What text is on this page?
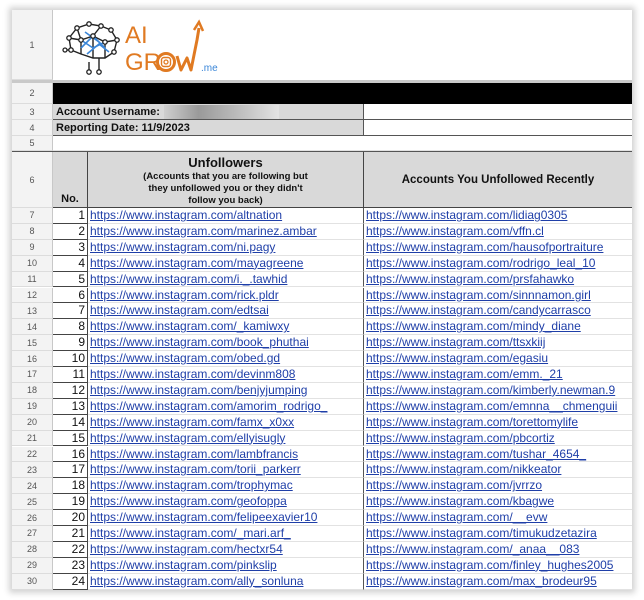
1	AI
GR	.me
2
3	Account Username:
4	Reporting Date: 11/9/2023
5
6
No.
Unfollowers
(Accounts that you are following but they unfollowed you or they didn't follow you back)
Accounts You Unfollowed Recently
7	1 https://www.instagram.com/altnation	https://www.instagram.com/lidiag0305
8	2 https://www.instagram.com/marinez.ambar	https://www.instagram.com/vffn.cl
9	3 https://www.instagram.com/ni.pagy	https://www.instagram.com/hausofportraiture
10	4 https://www.instagram.com/mayagreene	https://www.instagram.com/rodrigo_leal_10
11	5 https://www.instagram.com/i._.tawhid	https://www.instagram.com/prsfahawko
12	6 https://www.instagram.com/rick.pldr	https://www.instagram.com/sinnnamon.girl
13	7 https://www.instagram.com/edtsai	https://www.instagram.com/candycarrasco
14	8 https://www.instagram.com/_kamiwxy	https://www.instagram.com/mindy_diane
15	9 https://www.instagram.com/book_phuthai	https://www.instagram.com/ttsxkiij
16	10 https://www.instagram.com/obed.gd	https://www.instagram.com/egasiu
17	11 https://www.instagram.com/devinm808	https://www.instagram.com/emm._21
18	12 https://www.instagram.com/benjyjumping	https://www.instagram.com/kimberly.newman.9
19	13 https://www.instagram.com/amorim_rodrigo_	https://www.instagram.com/emnna__chmenguii
20	14 https://www.instagram.com/famx_x0xx	https://www.instagram.com/torettomylife
21	15 https://www.instagram.com/ellyisugly	https://www.instagram.com/pbcortiz
22	16 https://www.instagram.com/lambfrancis	https://www.instagram.com/tushar_4654_
23	17 https://www.instagram.com/torii_parkerr	https://www.instagram.com/nikkeator
24	18 https://www.instagram.com/trophymac	https://www.instagram.com/jvrrzo
25	19 https://www.instagram.com/geofoppa	https://www.instagram.com/kbagwe
26	20 https://www.instagram.com/felipeexavier10	https://www.instagram.com/__evw
27	21 https://www.instagram.com/_mari.arf_	https://www.instagram.com/timukudzetazira
28	22 https://www.instagram.com/hectxr54	https://www.instagram.com/_anaa__083
29	23 https://www.instagram.com/pinkslip	https://www.instagram.com/finley_hughes2005
30	24 https://www.instagram.com/ally_sonluna	https://www.instagram.com/max_brodeur95
